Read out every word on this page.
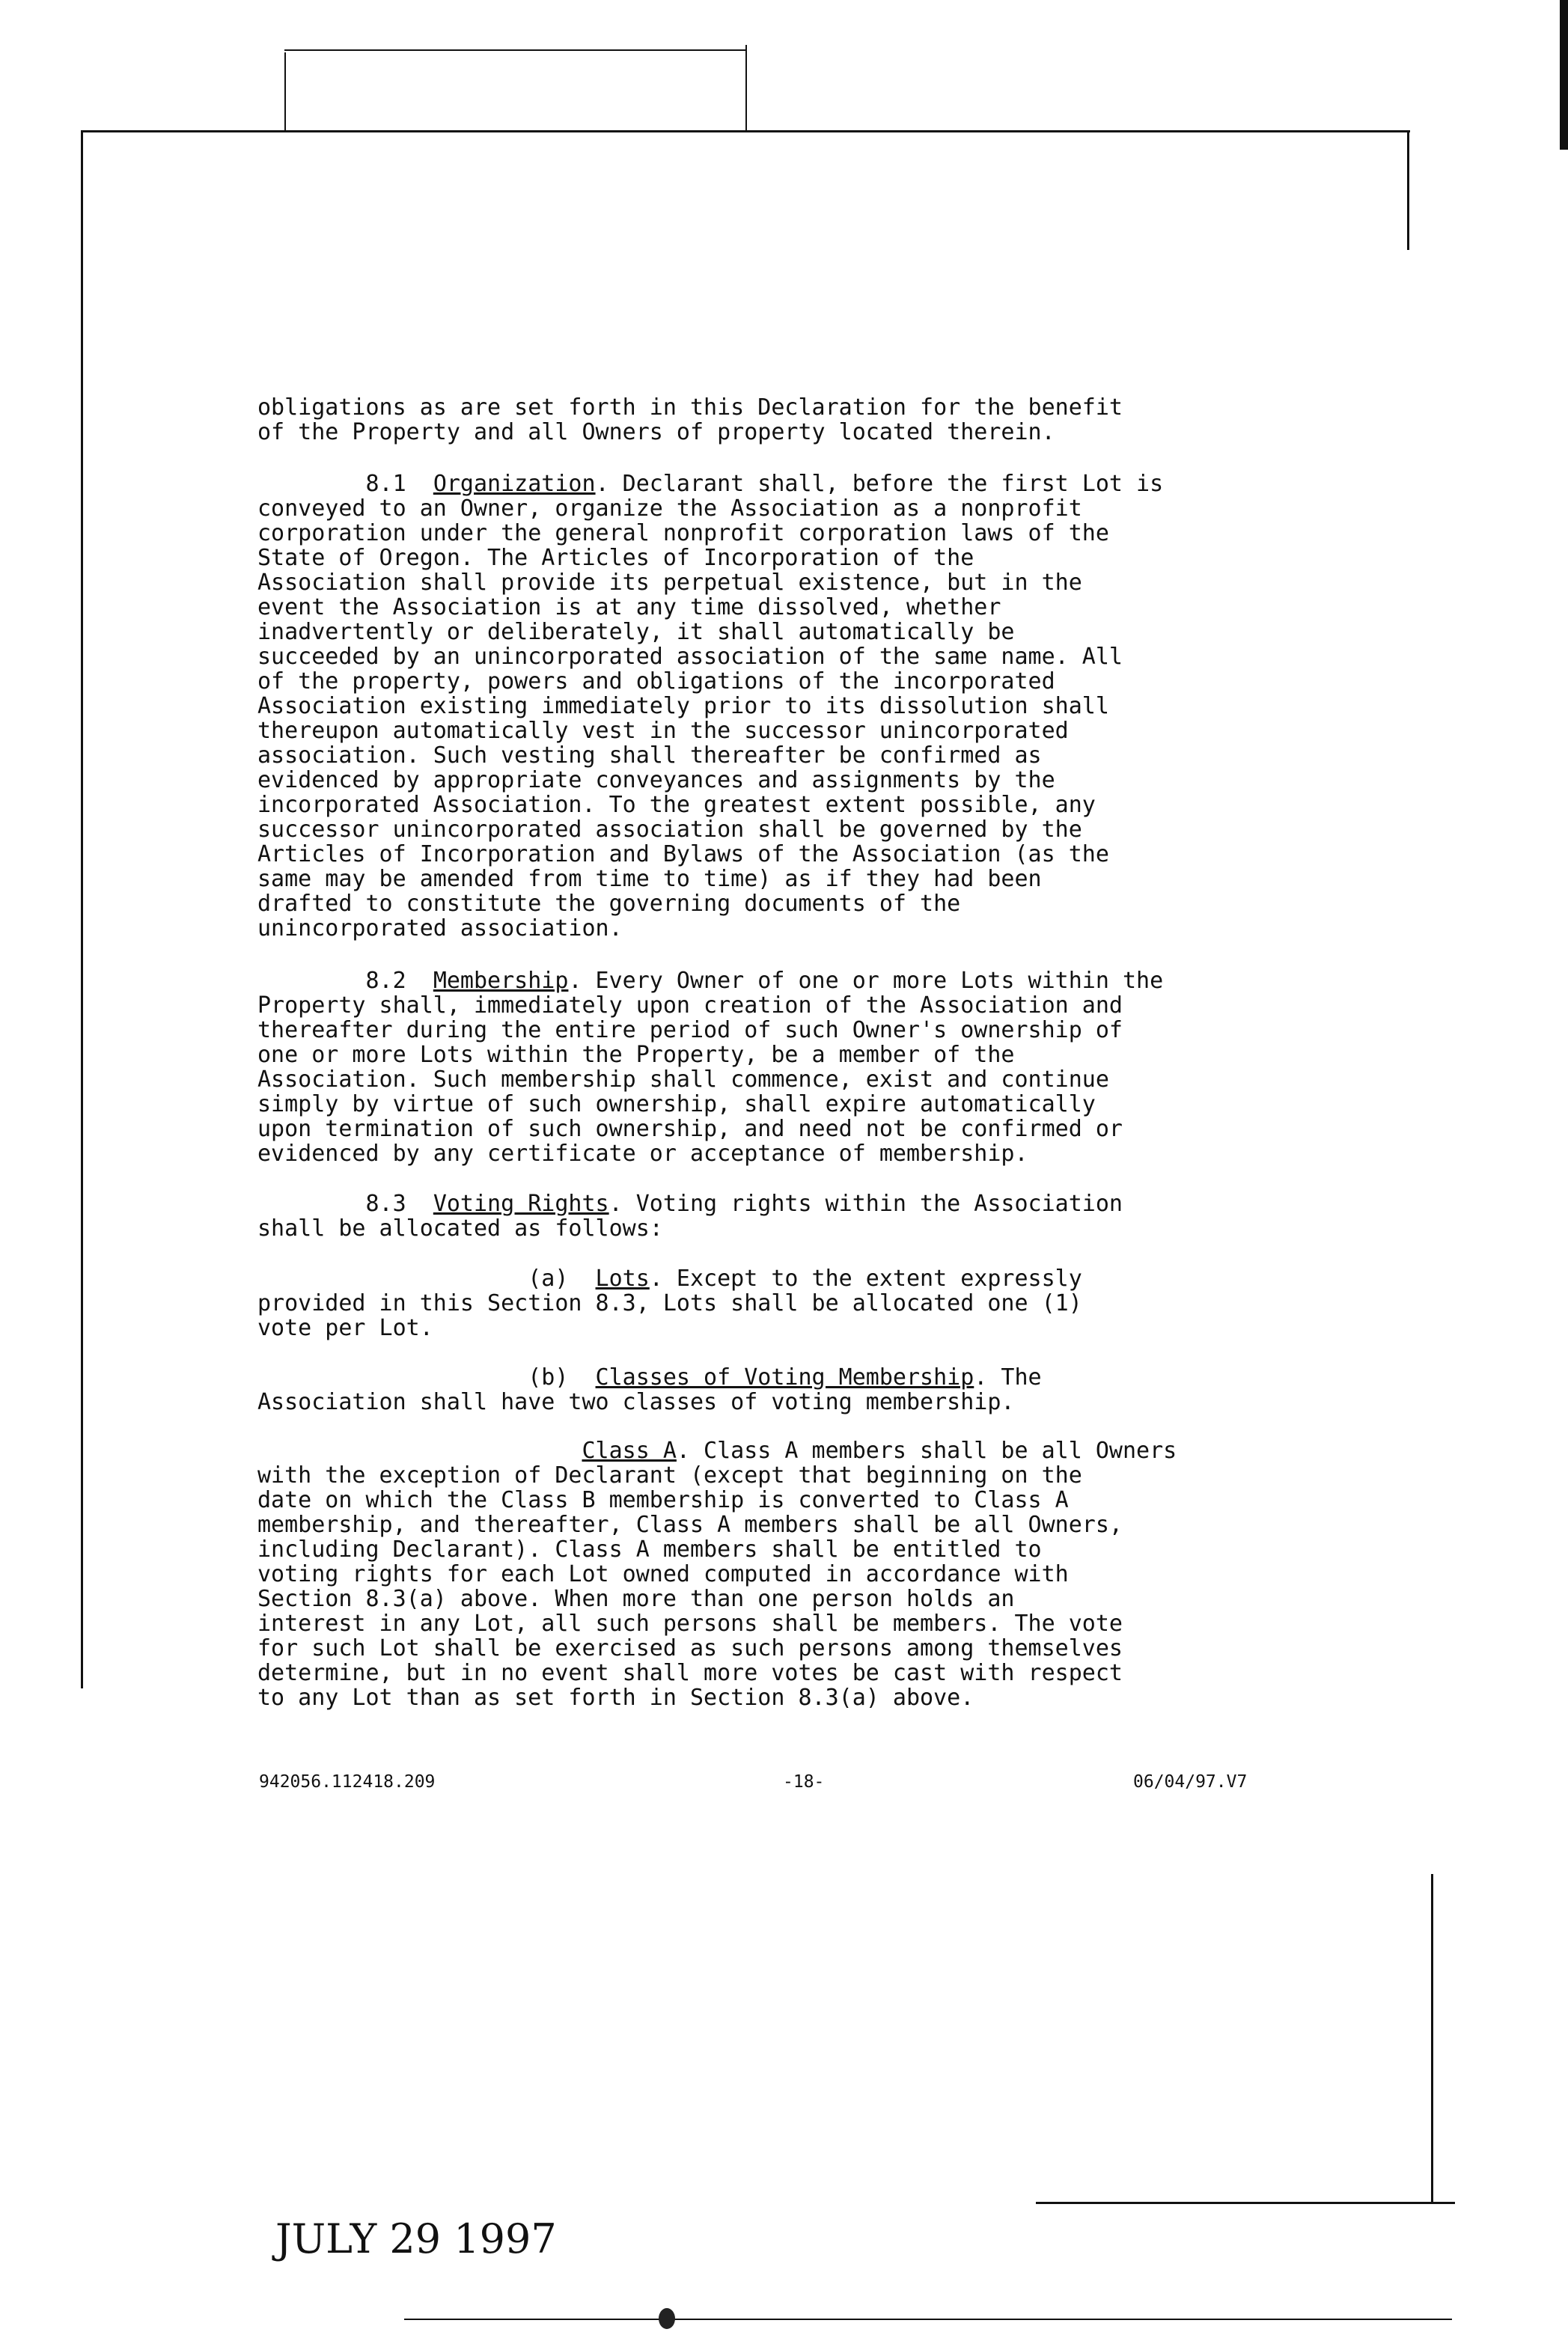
obligations as are set forth in this Declaration for the benefit
of the Property and all Owners of property located therein.
8.1 Organization. Declarant shall, before the first Lot is
conveyed to an Owner, organize the Association as a nonprofit
corporation under the general nonprofit corporation laws of the
State of Oregon. The Articles of Incorporation of the
Association shall provide its perpetual existence, but in the
event the Association is at any time dissolved, whether
inadvertently or deliberately, it shall automatically be
succeeded by an unincorporated association of the same name. All
of the property, powers and obligations of the incorporated
Association existing immediately prior to its dissolution shall
thereupon automatically vest in the successor unincorporated
association. Such vesting shall thereafter be confirmed as
evidenced by appropriate conveyances and assignments by the
incorporated Association. To the greatest extent possible, any
successor unincorporated association shall be governed by the
Articles of Incorporation and Bylaws of the Association (as the
same may be amended from time to time) as if they had been
drafted to constitute the governing documents of the
unincorporated association.
8.2 Membership. Every Owner of one or more Lots within the
Property shall, immediately upon creation of the Association and
thereafter during the entire period of such Owner's ownership of
one or more Lots within the Property, be a member of the
Association. Such membership shall commence, exist and continue
simply by virtue of such ownership, shall expire automatically
upon termination of such ownership, and need not be confirmed or
evidenced by any certificate or acceptance of membership.
8.3 Voting Rights. Voting rights within the Association
shall be allocated as follows:
(a) Lots. Except to the extent expressly
provided in this Section 8.3, Lots shall be allocated one (1)
vote per Lot.
(b) Classes of Voting Membership. The
Association shall have two classes of voting membership.
Class A. Class A members shall be all Owners
with the exception of Declarant (except that beginning on the
date on which the Class B membership is converted to Class A
membership, and thereafter, Class A members shall be all Owners,
including Declarant). Class A members shall be entitled to
voting rights for each Lot owned computed in accordance with
Section 8.3(a) above. When more than one person holds an
interest in any Lot, all such persons shall be members. The vote
for such Lot shall be exercised as such persons among themselves
determine, but in no event shall more votes be cast with respect
to any Lot than as set forth in Section 8.3(a) above.
942056.112418.209	-18-	06/04/97.V7
JULY 29 1997
